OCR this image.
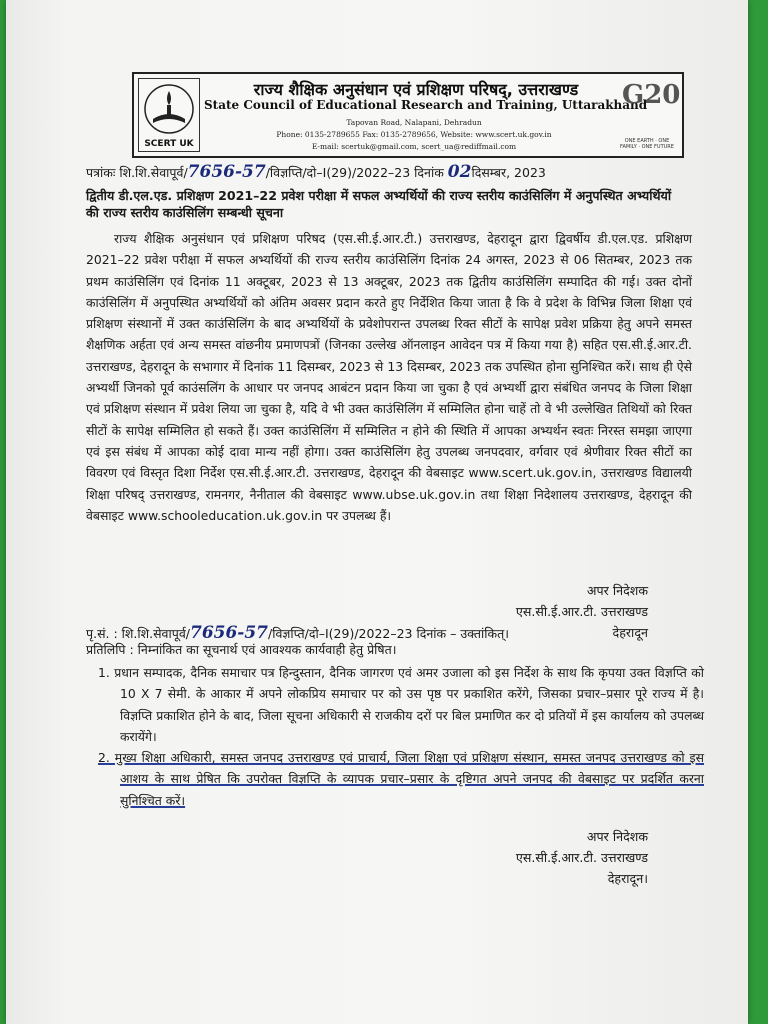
SCERT UK
राज्य शैक्षिक अनुसंधान एवं प्रशिक्षण परिषद्, उत्तराखण्ड
State Council of Educational Research and Training, Uttarakhand
Tapovan Road, Nalapani, Dehradun
Phone: 0135-2789655 Fax: 0135-2789656, Website: www.scert.uk.gov.in
E-mail: scertuk@gmail.com, scert_ua@rediffmail.com
G20
ONE EARTH · ONE FAMILY · ONE FUTURE
पत्रांकः शि.शि.सेवापूर्व/7656-57/विज्ञप्ति/दो–I(29)/2022–23 दिनांक 02दिसम्बर, 2023
द्वितीय डी.एल.एड. प्रशिक्षण 2021–22 प्रवेश परीक्षा में सफल अभ्यर्थियों की राज्य स्तरीय काउंसिलिंग में अनुपस्थित अभ्यर्थियों की राज्य स्तरीय काउंसिलिंग सम्बन्धी सूचना
राज्य शैक्षिक अनुसंधान एवं प्रशिक्षण परिषद (एस.सी.ई.आर.टी.) उत्तराखण्ड, देहरादून द्वारा द्विवर्षीय डी.एल.एड. प्रशिक्षण 2021–22 प्रवेश परीक्षा में सफल अभ्यर्थियों की राज्य स्तरीय काउंसिलिंग दिनांक 24 अगस्त, 2023 से 06 सितम्बर, 2023 तक प्रथम काउंसिलिंग एवं दिनांक 11 अक्टूबर, 2023 से 13 अक्टूबर, 2023 तक द्वितीय काउंसिलिंग सम्पादित की गई। उक्त दोनों काउंसिलिंग में अनुपस्थित अभ्यर्थियों को अंतिम अवसर प्रदान करते हुए निर्देशित किया जाता है कि वे प्रदेश के विभिन्न जिला शिक्षा एवं प्रशिक्षण संस्थानों में उक्त काउंसिलिंग के बाद अभ्यर्थियों के प्रवेशोपरान्त उपलब्ध रिक्त सीटों के सापेक्ष प्रवेश प्रक्रिया हेतु अपने समस्त शैक्षणिक अर्हता एवं अन्य समस्त वांछनीय प्रमाणपत्रों (जिनका उल्लेख ऑनलाइन आवेदन पत्र में किया गया है) सहित एस.सी.ई.आर.टी. उत्तराखण्ड, देहरादून के सभागार में दिनांक 11 दिसम्बर, 2023 से 13 दिसम्बर, 2023 तक उपस्थित होना सुनिश्चित करें। साथ ही ऐसे अभ्यर्थी जिनको पूर्व काउंसलिंग के आधार पर जनपद आबंटन प्रदान किया जा चुका है एवं अभ्यर्थी द्वारा संबंधित जनपद के जिला शिक्षा एवं प्रशिक्षण संस्थान में प्रवेश लिया जा चुका है, यदि वे भी उक्त काउंसिलिंग में सम्मिलित होना चाहें तो वे भी उल्लेखित तिथियों को रिक्त सीटों के सापेक्ष सम्मिलित हो सकते हैं। उक्त काउंसिलिंग में सम्मिलित न होने की स्थिति में आपका अभ्यर्थन स्वतः निरस्त समझा जाएगा एवं इस संबंध में आपका कोई दावा मान्य नहीं होगा। उक्त काउंसिलिंग हेतु उपलब्ध जनपदवार, वर्गवार एवं श्रेणीवार रिक्त सीटों का विवरण एवं विस्तृत दिशा निर्देश एस.सी.ई.आर.टी. उत्तराखण्ड, देहरादून की वेबसाइट www.scert.uk.gov.in, उत्तराखण्ड विद्यालयी शिक्षा परिषद् उत्तराखण्ड, रामनगर, नैनीताल की वेबसाइट www.ubse.uk.gov.in तथा शिक्षा निदेशालय उत्तराखण्ड, देहरादून की वेबसाइट www.schooleducation.uk.gov.in पर उपलब्ध हैं।
अपर निदेशक
एस.सी.ई.आर.टी. उत्तराखण्ड
देहरादून
पृ.सं. : शि.शि.सेवापूर्व/7656-57/विज्ञप्ति/दो–I(29)/2022–23 दिनांक – उक्तांकित्।
प्रतिलिपि : निम्नांकित का सूचनार्थ एवं आवश्यक कार्यवाही हेतु प्रेषित।
1. प्रधान सम्पादक, दैनिक समाचार पत्र हिन्दुस्तान, दैनिक जागरण एवं अमर उजाला को इस निर्देश के साथ कि कृपया उक्त विज्ञप्ति को 10 X 7 सेमी. के आकार में अपने लोकप्रिय समाचार पर को उस पृष्ठ पर प्रकाशित करेंगे, जिसका प्रचार–प्रसार पूरे राज्य में है। विज्ञप्ति प्रकाशित होने के बाद, जिला सूचना अधिकारी से राजकीय दरों पर बिल प्रमाणित कर दो प्रतियों में इस कार्यालय को उपलब्ध करायेंगे।
2. मुख्य शिक्षा अधिकारी, समस्त जनपद उत्तराखण्ड एवं प्राचार्य, जिला शिक्षा एवं प्रशिक्षण संस्थान, समस्त जनपद उत्तराखण्ड को इस आशय के साथ प्रेषित कि उपरोक्त विज्ञप्ति के व्यापक प्रचार–प्रसार के दृष्टिगत अपने जनपद की वेबसाइट पर प्रदर्शित करना सुनिश्चित करें।
अपर निदेशक
एस.सी.ई.आर.टी. उत्तराखण्ड
देहरादून।
